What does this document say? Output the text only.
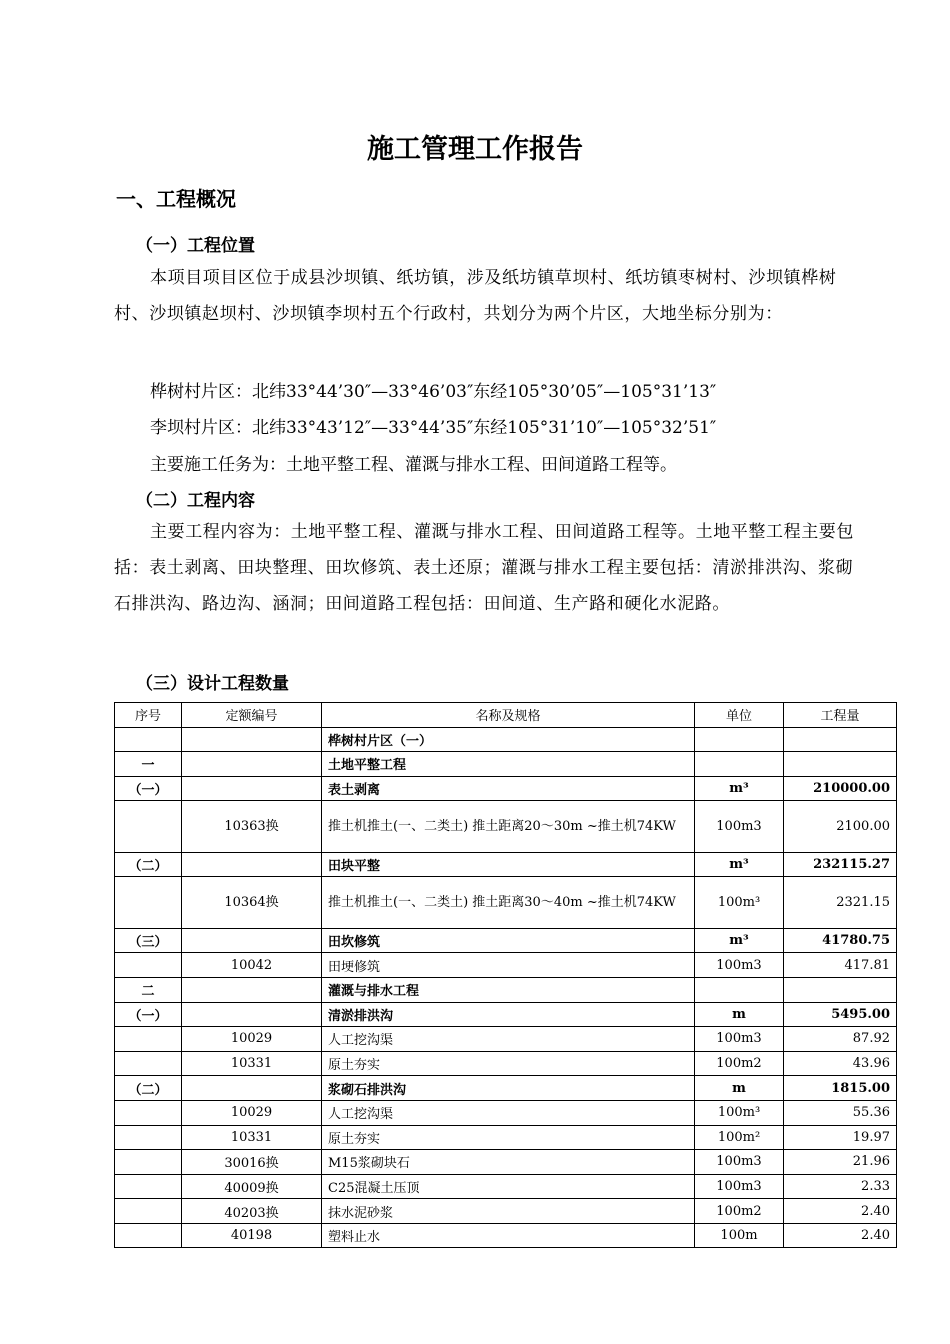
施工管理工作报告
一、工程概况
（一）工程位置

本项目项目区位于成县沙坝镇、纸坊镇，涉及纸坊镇草坝村、纸坊镇枣树村、沙坝镇桦树村、沙坝镇赵坝村、沙坝镇李坝村五个行政村，共划分为两个片区，大地坐标分别为：

桦树村片区：北纬33°44’30″—33°46’03″东经105°30’05″—105°31’13″
李坝村片区：北纬33°43’12″—33°44’35″东经105°31’10″—105°32’51″
主要施工任务为：土地平整工程、灌溉与排水工程、田间道路工程等。
（二）工程内容

主要工程内容为：土地平整工程、灌溉与排水工程、田间道路工程等。土地平整工程主要包括：表土剥离、田块整理、田坎修筑、表土还原；灌溉与排水工程主要包括：清淤排洪沟、浆砌石排洪沟、路边沟、涵洞；田间道路工程包括：田间道、生产路和硬化水泥路。

（三）设计工程数量
序号	定额编号	名称及规格	单位	工程量
		桦树村片区（一）		
一		土地平整工程		
（一）		表土剥离	m³	210000.00
	10363换	推土机推土(一、二类土) 推土距离20～30m ~推土机74KW	100m3	2100.00
（二）		田块平整	m³	232115.27
	10364换	推土机推土(一、二类土) 推土距离30～40m ~推土机74KW	100m³	2321.15
（三）		田坎修筑	m³	41780.75
	10042	田埂修筑	100m3	417.81
二		灌溉与排水工程		
（一）		清淤排洪沟	m	5495.00
	10029	人工挖沟渠	100m3	87.92
	10331	原土夯实	100m2	43.96
（二）		浆砌石排洪沟	m	1815.00
	10029	人工挖沟渠	100m³	55.36
	10331	原土夯实	100m²	19.97
	30016换	M15浆砌块石	100m3	21.96
	40009换	C25混凝土压顶	100m3	2.33
	40203换	抹水泥砂浆	100m2	2.40
	40198	塑料止水	100m	2.40
